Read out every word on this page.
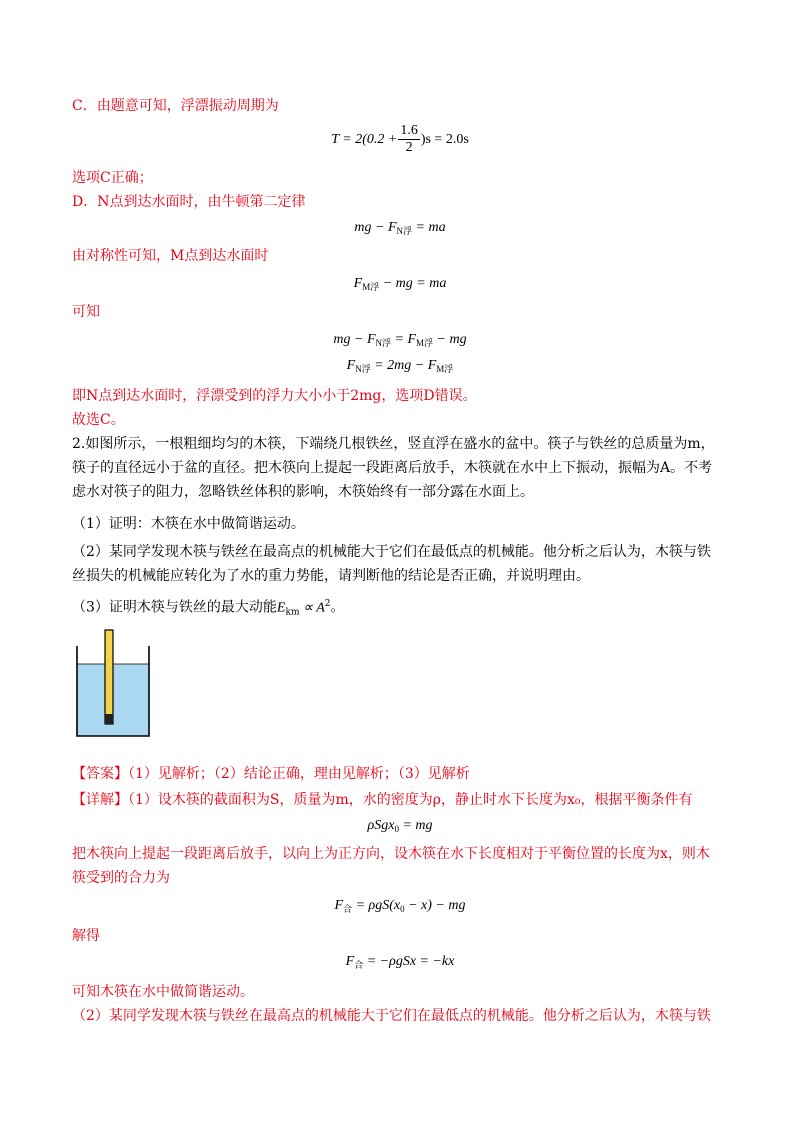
C．由题意可知，浮漂振动周期为
$T = 2(0.2 + \frac{1.6}{2} )s = 2.0s$
选项C正确；
D．N点到达水面时，由牛顿第二定律
mg − $F_{N浮}$ = ma
由对称性可知，M点到达水面时
$F_{M浮}$ − mg = ma
可知
mg − $F_{N浮} = F_{M浮}$ − mg
$F_{N浮} = 2mg - F_{M浮}$
即N点到达水面时，浮漂受到的浮力大小小于2mg，选项D错误。
故选C。
2.如图所示，一根粗细均匀的木筷，下端绕几根铁丝，竖直浮在盛水的盆中。筷子与铁丝的总质量为m，
筷子的直径远小于盆的直径。把木筷向上提起一段距离后放手，木筷就在水中上下振动，振幅为A。不考
虑水对筷子的阻力，忽略铁丝体积的影响，木筷始终有一部分露在水面上。
（1）证明：木筷在水中做简谐运动。
（2）某同学发现木筷与铁丝在最高点的机械能大于它们在最低点的机械能。他分析之后认为，木筷与铁
丝损失的机械能应转化为了水的重力势能，请判断他的结论是否正确，并说明理由。
（3）证明木筷与铁丝的最大动能$E_{km} \propto A^2$。
【答案】（1）见解析；（2）结论正确，理由见解析；（3）见解析
【详解】（1）设木筷的截面积为S，质量为m，水的密度为ρ，静止时水下长度为x₀，根据平衡条件有
ρSgx$_0$ = mg
把木筷向上提起一段距离后放手，以向上为正方向，设木筷在水下长度相对于平衡位置的长度为x，则木
筷受到的合力为
$F_合 = \rho gS(x_0 - x)$ − mg
解得
$F_合 = -\rho gSx = -kx$
可知木筷在水中做简谐运动。
（2）某同学发现木筷与铁丝在最高点的机械能大于它们在最低点的机械能。他分析之后认为，木筷与铁
